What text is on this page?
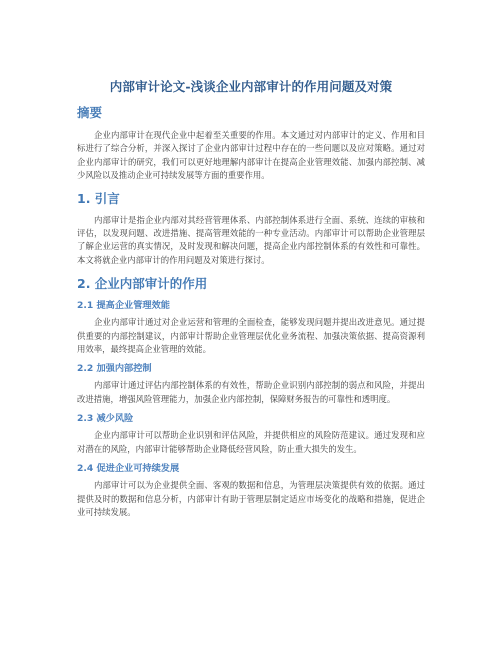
内部审计论文-浅谈企业内部审计的作用问题及对策
摘要

企业内部审计在现代企业中起着至关重要的作用。本文通过对内部审计的定义、作用和目标进行了综合分析，并深入探讨了企业内部审计过程中存在的一些问题以及应对策略。通过对企业内部审计的研究，我们可以更好地理解内部审计在提高企业管理效能、加强内部控制、减少风险以及推动企业可持续发展等方面的重要作用。

1. 引言

内部审计是指企业内部对其经营管理体系、内部控制体系进行全面、系统、连续的审核和评估，以发现问题、改进措施、提高管理效能的一种专业活动。内部审计可以帮助企业管理层了解企业运营的真实情况，及时发现和解决问题，提高企业内部控制体系的有效性和可靠性。本文将就企业内部审计的作用问题及对策进行探讨。

2. 企业内部审计的作用
2.1 提高企业管理效能

企业内部审计通过对企业运营和管理的全面检查，能够发现问题并提出改进意见。通过提供重要的内部控制建议，内部审计帮助企业管理层优化业务流程、加强决策依据、提高资源利用效率，最终提高企业管理的效能。

2.2 加强内部控制

内部审计通过评估内部控制体系的有效性，帮助企业识别内部控制的弱点和风险，并提出改进措施，增强风险管理能力，加强企业内部控制，保障财务报告的可靠性和透明度。

2.3 减少风险

企业内部审计可以帮助企业识别和评估风险，并提供相应的风险防范建议。通过发现和应对潜在的风险，内部审计能够帮助企业降低经营风险，防止重大损失的发生。

2.4 促进企业可持续发展

内部审计可以为企业提供全面、客观的数据和信息，为管理层决策提供有效的依据。通过提供及时的数据和信息分析，内部审计有助于管理层制定适应市场变化的战略和措施，促进企业可持续发展。
